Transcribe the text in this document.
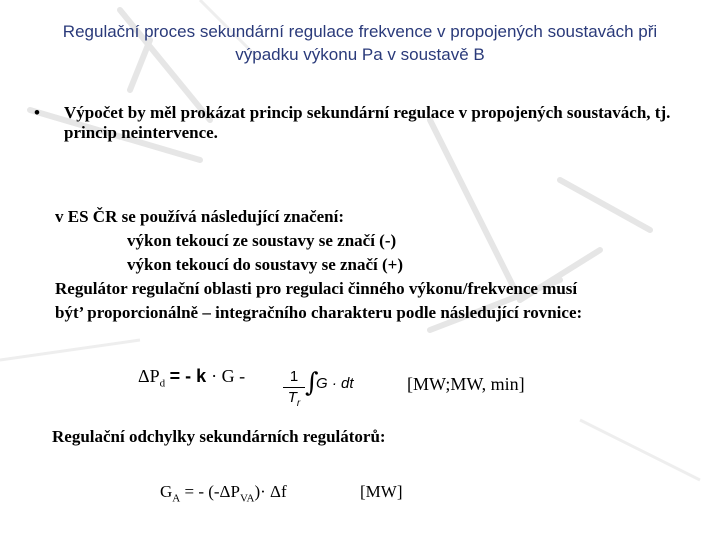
Regulační proces sekundární regulace frekvence v propojených soustavách při výpadku výkonu Pa v soustavě B
• Výpočet by měl prokázat princip sekundární regulace v propojených soustavách, tj. princip neintervence.
v ES ČR se používá následující značení:
výkon tekoucí ze soustavy se značí (-)
výkon tekoucí do soustavy se značí (+)
Regulátor regulační oblasti pro regulaci činného výkonu/frekvence musí
být’ proporcionálně – integračního charakteru podle následující rovnice:
$\Delta P_d$ = - k · G -	1
$T_r$
∫
G · dt	[MW;MW, min]
Regulační odchylky sekundárních regulátorů:
$G_A$ = - $(-\Delta P_{VA})\cdot \Delta f$	[MW]
